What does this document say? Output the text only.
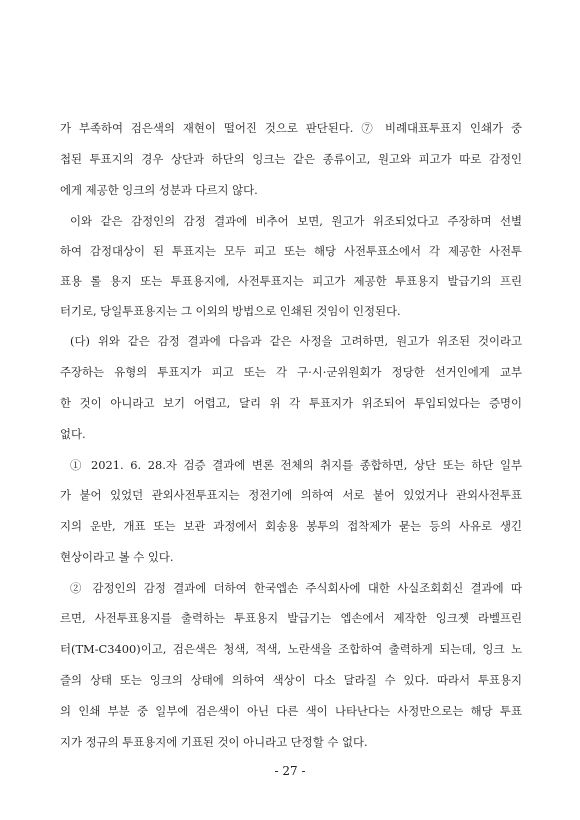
가 부족하여 검은색의 재현이 떨어진 것으로 판단된다. ⑦ 비례대표투표지 인쇄가 중
첩된 투표지의 경우 상단과 하단의 잉크는 같은 종류이고, 원고와 피고가 따로 감정인
에게 제공한 잉크의 성분과 다르지 않다.
이와 같은 감정인의 감정 결과에 비추어 보면, 원고가 위조되었다고 주장하며 선별
하여 감정대상이 된 투표지는 모두 피고 또는 해당 사전투표소에서 각 제공한 사전투
표용 롤 용지 또는 투표용지에, 사전투표지는 피고가 제공한 투표용지 발급기의 프린
터기로, 당일투표용지는 그 이외의 방법으로 인쇄된 것임이 인정된다.
(다) 위와 같은 감정 결과에 다음과 같은 사정을 고려하면, 원고가 위조된 것이라고
주장하는 유형의 투표지가 피고 또는 각 구·시·군위원회가 정당한 선거인에게 교부
한 것이 아니라고 보기 어렵고, 달리 위 각 투표지가 위조되어 투입되었다는 증명이
없다.
① 2021. 6. 28.자 검증 결과에 변론 전체의 취지를 종합하면, 상단 또는 하단 일부
가 붙어 있었던 관외사전투표지는 정전기에 의하여 서로 붙어 있었거나 관외사전투표
지의 운반, 개표 또는 보관 과정에서 회송용 봉투의 접착제가 묻는 등의 사유로 생긴
현상이라고 볼 수 있다.
② 감정인의 감정 결과에 더하여 한국엡손 주식회사에 대한 사실조회회신 결과에 따
르면, 사전투표용지를 출력하는 투표용지 발급기는 엡손에서 제작한 잉크젯 라벨프린
터(TM-C3400)이고, 검은색은 청색, 적색, 노란색을 조합하여 출력하게 되는데, 잉크 노
즐의 상태 또는 잉크의 상태에 의하여 색상이 다소 달라질 수 있다. 따라서 투표용지
의 인쇄 부분 중 일부에 검은색이 아닌 다른 색이 나타난다는 사정만으로는 해당 투표
지가 정규의 투표용지에 기표된 것이 아니라고 단정할 수 없다.
- 27 -
